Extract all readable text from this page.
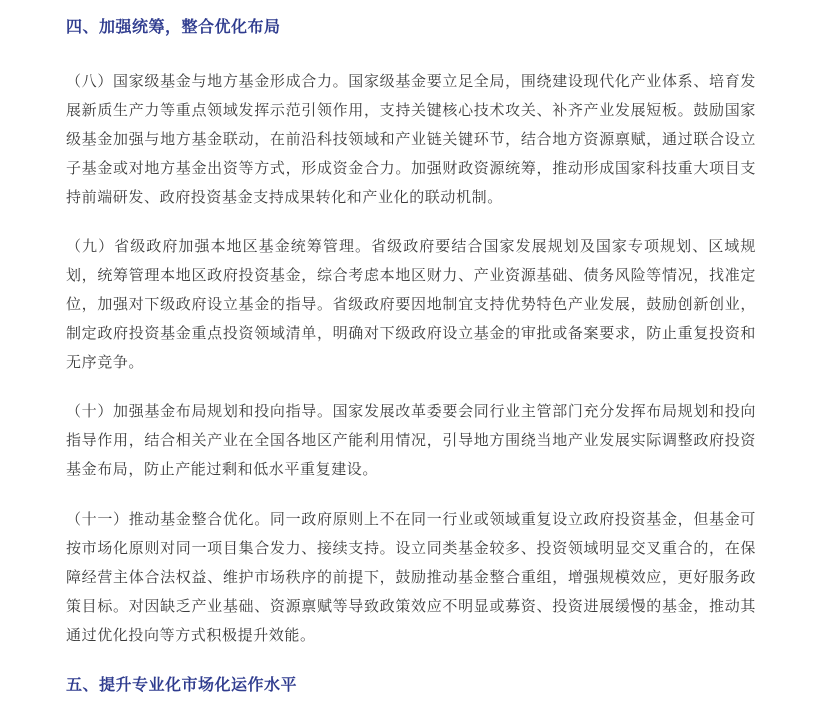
四、加强统筹，整合优化布局

（八）国家级基金与地方基金形成合力。国家级基金要立足全局，围绕建设现代化产业体系、培育发展新质生产力等重点领域发挥示范引领作用，支持关键核心技术攻关、补齐产业发展短板。鼓励国家级基金加强与地方基金联动，在前沿科技领域和产业链关键环节，结合地方资源禀赋，通过联合设立子基金或对地方基金出资等方式，形成资金合力。加强财政资源统筹，推动形成国家科技重大项目支持前端研发、政府投资基金支持成果转化和产业化的联动机制。

（九）省级政府加强本地区基金统筹管理。省级政府要结合国家发展规划及国家专项规划、区域规划，统筹管理本地区政府投资基金，综合考虑本地区财力、产业资源基础、债务风险等情况，找准定位，加强对下级政府设立基金的指导。省级政府要因地制宜支持优势特色产业发展，鼓励创新创业，制定政府投资基金重点投资领域清单，明确对下级政府设立基金的审批或备案要求，防止重复投资和无序竞争。

（十）加强基金布局规划和投向指导。国家发展改革委要会同行业主管部门充分发挥布局规划和投向指导作用，结合相关产业在全国各地区产能利用情况，引导地方围绕当地产业发展实际调整政府投资基金布局，防止产能过剩和低水平重复建设。

（十一）推动基金整合优化。同一政府原则上不在同一行业或领域重复设立政府投资基金，但基金可按市场化原则对同一项目集合发力、接续支持。设立同类基金较多、投资领域明显交叉重合的，在保障经营主体合法权益、维护市场秩序的前提下，鼓励推动基金整合重组，增强规模效应，更好服务政策目标。对因缺乏产业基础、资源禀赋等导致政策效应不明显或募资、投资进展缓慢的基金，推动其通过优化投向等方式积极提升效能。

五、提升专业化市场化运作水平
